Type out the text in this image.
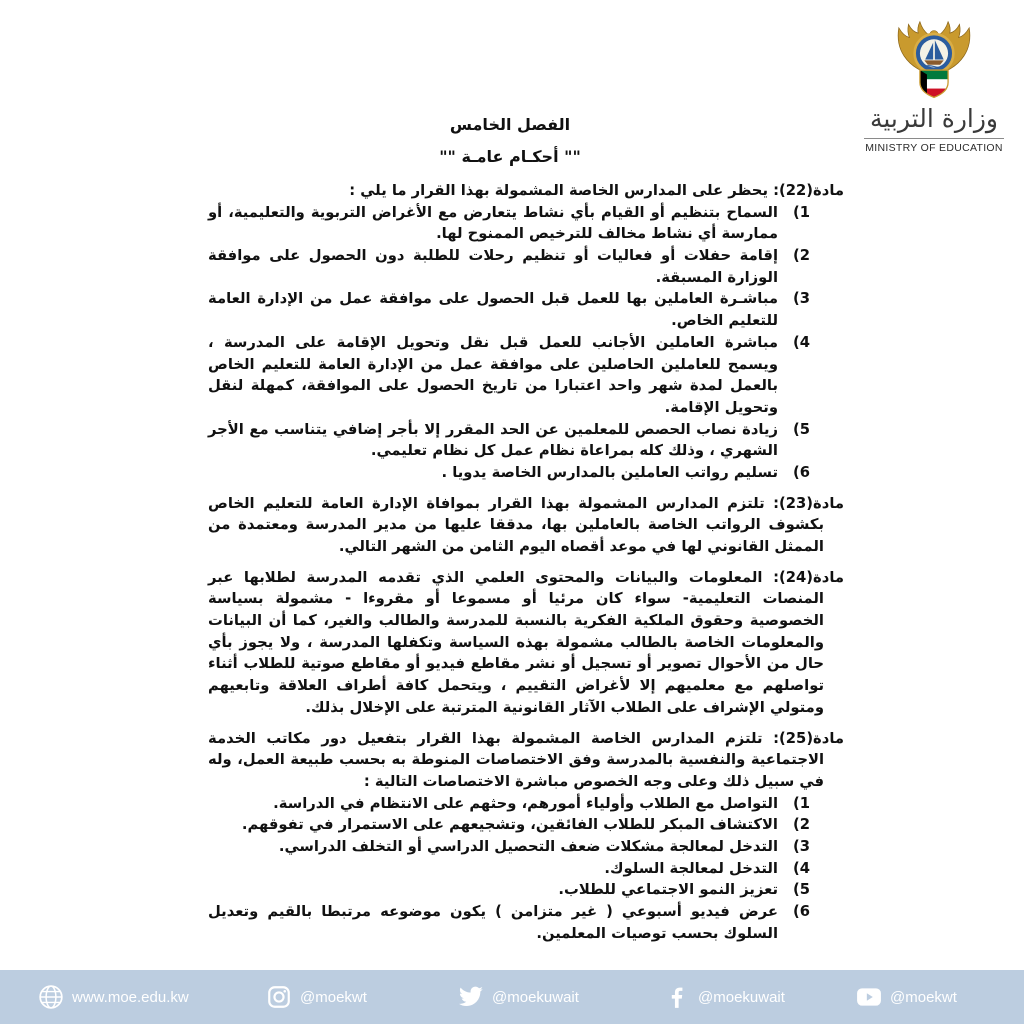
وزارة التربية
MINISTRY OF EDUCATION
الفصل الخامس
"" أحكـام عامـة ""

مادة(22): يحظر على المدارس الخاصة المشمولة بهذا القرار ما يلي :

1)
السماح بتنظيم أو القيام بأي نشاط يتعارض مع الأغراض التربوية والتعليمية، أو ممارسة أي نشاط مخالف للترخيص الممنوح لها.
2)
إقامة حفلات أو فعاليات أو تنظيم رحلات للطلبة دون الحصول على موافقة الوزارة المسبقة.
3)
مباشـرة العاملين بها للعمل قبل الحصول على موافقة عمل من الإدارة العامة للتعليم الخاص.
4)
مباشرة العاملين الأجانب للعمل قبل نقل وتحويل الإقامة على المدرسة ، ويسمح للعاملين الحاصلين على موافقة عمل من الإدارة العامة للتعليم الخاص بالعمل لمدة شهر واحد اعتبارا من تاريخ الحصول على الموافقة، كمهلة لنقل وتحويل الإقامة.
5)
زيادة نصاب الحصص للمعلمين عن الحد المقرر إلا بأجر إضافي يتناسب مع الأجر الشهري ، وذلك كله بمراعاة نظام عمل كل نظام تعليمي.
6)
تسليم رواتب العاملين بالمدارس الخاصة يدويا .

مادة(23): تلتزم المدارس المشمولة بهذا القرار بموافاة الإدارة العامة للتعليم الخاص بكشوف الرواتب الخاصة بالعاملين بها، مدققا عليها من مدير المدرسة ومعتمدة من الممثل القانوني لها في موعد أقصاه اليوم الثامن من الشهر التالي.

مادة(24): المعلومات والبيانات والمحتوى العلمي الذي تقدمه المدرسة لطلابها عبر المنصات التعليمية- سواء كان مرئيا أو مسموعا أو مقروءا - مشمولة بسياسة الخصوصية وحقوق الملكية الفكرية بالنسبة للمدرسة والطالب والغير، كما أن البيانات والمعلومات الخاصة بالطالب مشمولة بهذه السياسة وتكفلها المدرسة ، ولا يجوز بأي حال من الأحوال تصوير أو تسجيل أو نشر مقاطع فيديو أو مقاطع صوتية للطلاب أثناء تواصلهم مع معلميهم إلا لأغراض التقييم ، ويتحمل كافة أطراف العلاقة وتابعيهم ومتولي الإشراف على الطلاب الآثار القانونية المترتبة على الإخلال بذلك.

مادة(25): تلتزم المدارس الخاصة المشمولة بهذا القرار بتفعيل دور مكاتب الخدمة الاجتماعية والنفسية بالمدرسة وفق الاختصاصات المنوطة به بحسب طبيعة العمل، وله في سبيل ذلك وعلى وجه الخصوص مباشرة الاختصاصات التالية :

1)
التواصل مع الطلاب وأولياء أمورهم، وحثهم على الانتظام في الدراسة.
2)
الاكتشاف المبكر للطلاب الفائقين، وتشجيعهم على الاستمرار في تفوقهم.
3)
التدخل لمعالجة مشكلات ضعف التحصيل الدراسي أو التخلف الدراسي.
4)
التدخل لمعالجة السلوك.
5)
تعزيز النمو الاجتماعي للطلاب.
6)
عرض فيديو أسبوعي ( غير متزامن ) يكون موضوعه مرتبطا بالقيم وتعديل السلوك بحسب توصيات المعلمين.
www.moe.edu.kw	@moekwt	@moekuwait	@moekuwait	@moekwt
